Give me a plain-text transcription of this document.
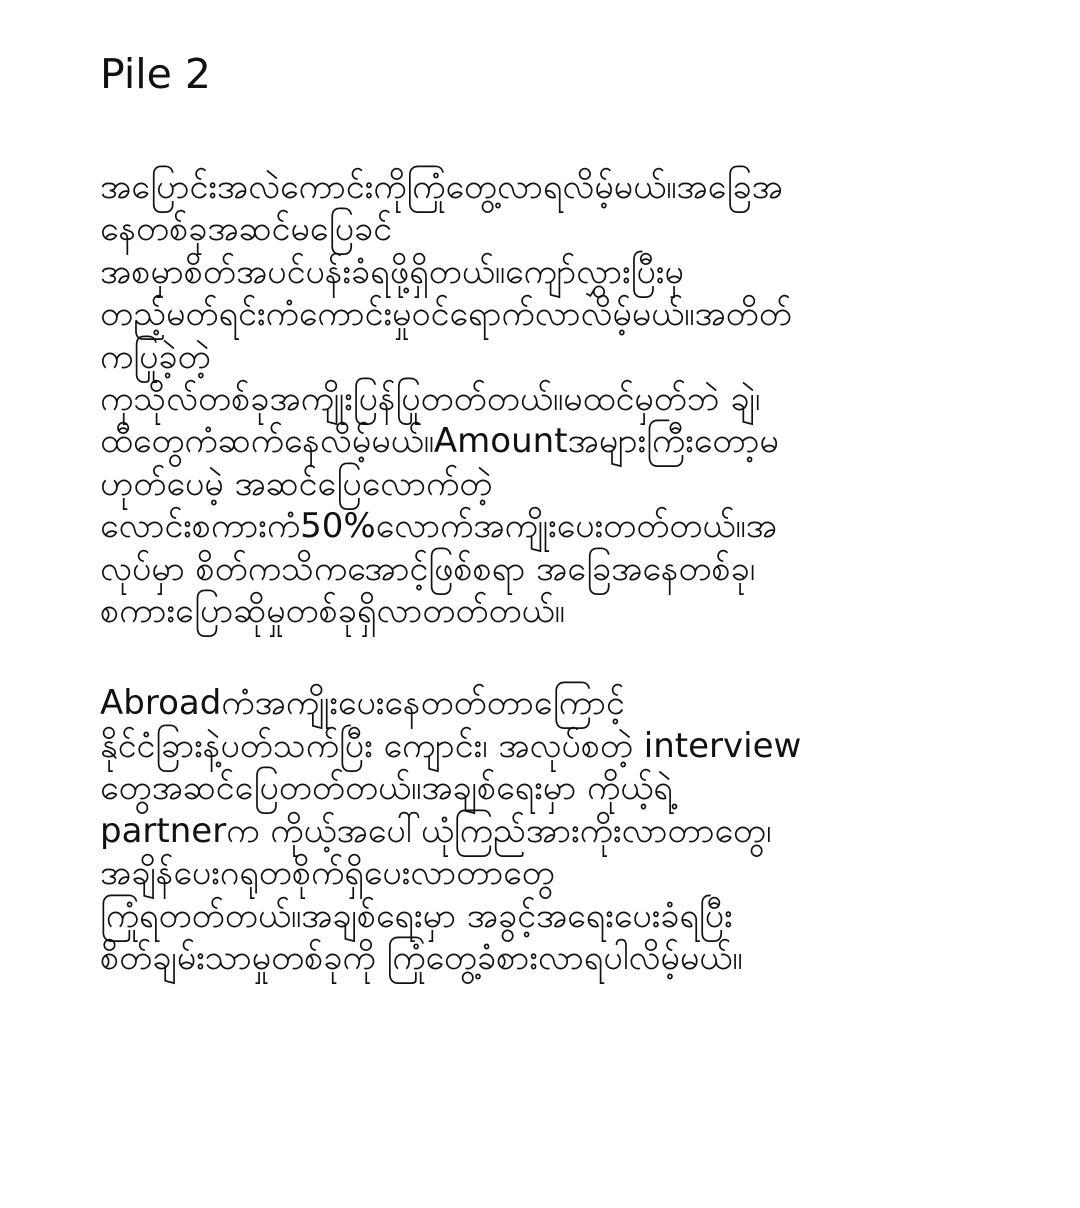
Pile 2
အပြောင်းအလဲကောင်းကိုကြုံတွေ့လာရလိမ့်မယ်။အခြေအ
နေတစ်ခုအဆင်မပြေခင်
အစမှာစိတ်အပင်ပန်းခံရဖို့ရှိတယ်။ကျော်လွှားပြီးမှ
တည့်မတ်ရင်းကံကောင်းမှုဝင်ရောက်လာလိမ့်မယ်။အတိတ်
ကပြုခဲ့တဲ့
ကုသိုလ်တစ်ခုအကျိုးပြန်ပြုတတ်တယ်။မထင်မှတ်ဘဲ ချဲ၊
ထီတွေကံဆက်နေလိမ့်မယ်။Amountအများကြီးတော့မ
ဟုတ်ပေမဲ့ အဆင်ပြေလောက်တဲ့
လောင်းစကားကံ50%လောက်အကျိုးပေးတတ်တယ်။အ
လုပ်မှာ စိတ်ကသိကအောင့်ဖြစ်စရာ အခြေအနေတစ်ခု၊
စကားပြောဆိုမှုတစ်ခုရှိလာတတ်တယ်။
Abroadကံအကျိုးပေးနေတတ်တာကြောင့်
နိုင်ငံခြားနဲ့ပတ်သက်ပြီး ကျောင်း၊ အလုပ်စတဲ့ interview
တွေအဆင်ပြေတတ်တယ်။အချစ်ရေးမှာ ကိုယ့်ရဲ့
partnerက ကိုယ့်အပေါ်ယုံကြည်အားကိုးလာတာတွေ၊
အချိန်ပေးဂရုတစိုက်ရှိပေးလာတာတွေ
ကြုံရတတ်တယ်။အချစ်ရေးမှာ အခွင့်အရေးပေးခံရပြီး
စိတ်ချမ်းသာမှုတစ်ခုကို ကြုံတွေ့ခံစားလာရပါလိမ့်မယ်။
